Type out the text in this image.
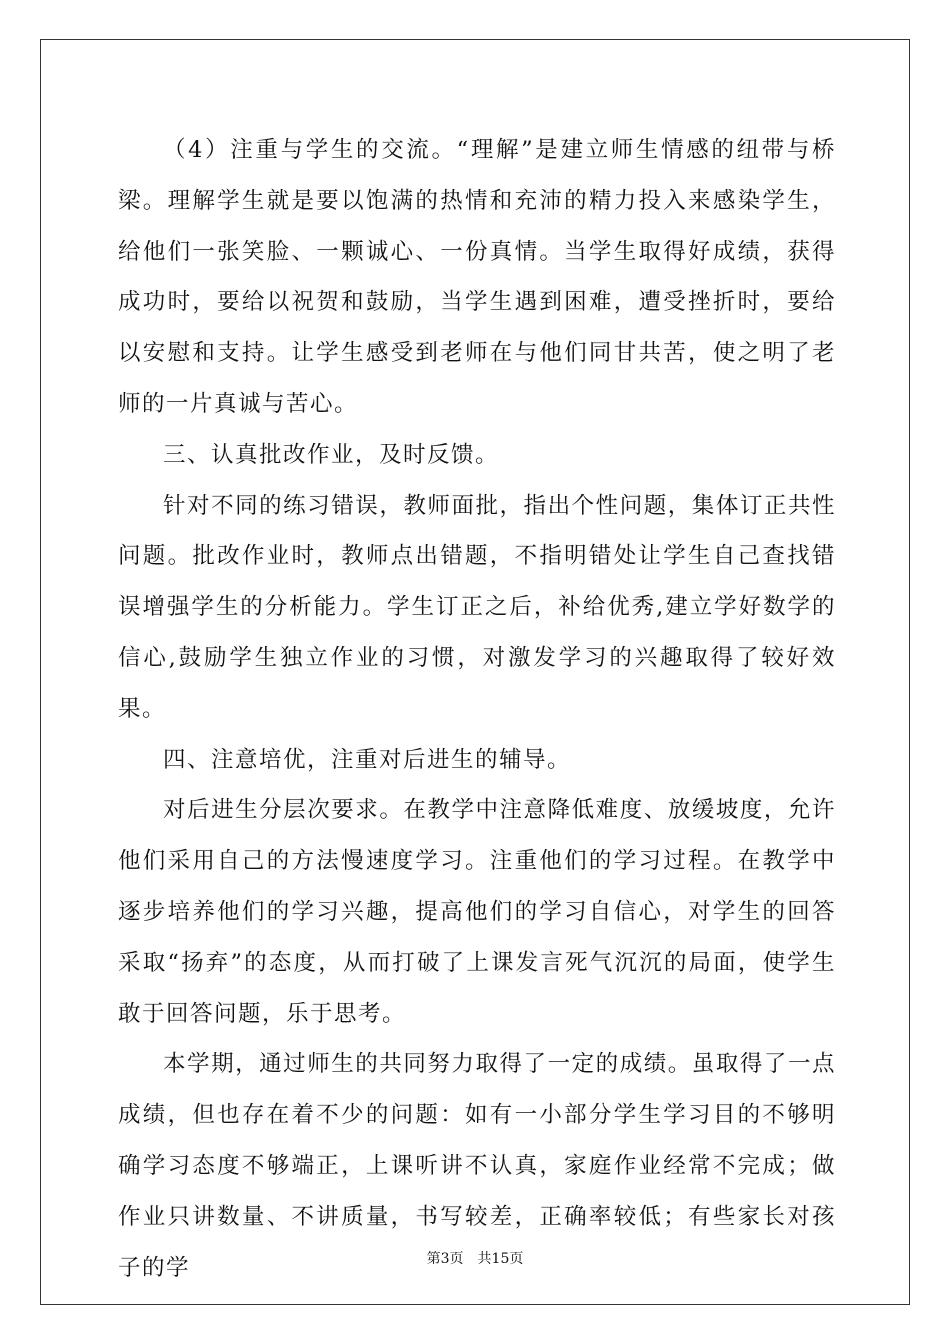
（4）注重与学生的交流。“理解”是建立师生情感的纽带与桥梁。理解学生就是要以饱满的热情和充沛的精力投入来感染学生，给他们一张笑脸、一颗诚心、一份真情。当学生取得好成绩，获得成功时，要给以祝贺和鼓励，当学生遇到困难，遭受挫折时，要给以安慰和支持。让学生感受到老师在与他们同甘共苦，使之明了老师的一片真诚与苦心。

三、认真批改作业，及时反馈。

针对不同的练习错误，教师面批，指出个性问题，集体订正共性问题。批改作业时，教师点出错题，不指明错处让学生自己查找错误增强学生的分析能力。学生订正之后，补给优秀,建立学好数学的信心,鼓励学生独立作业的习惯，对激发学习的兴趣取得了较好效果。

四、注意培优，注重对后进生的辅导。

对后进生分层次要求。在教学中注意降低难度、放缓坡度，允许他们采用自己的方法慢速度学习。注重他们的学习过程。在教学中逐步培养他们的学习兴趣，提高他们的学习自信心，对学生的回答采取“扬弃”的态度，从而打破了上课发言死气沉沉的局面，使学生敢于回答问题，乐于思考。

本学期，通过师生的共同努力取得了一定的成绩。虽取得了一点成绩，但也存在着不少的问题：如有一小部分学生学习目的不够明确学习态度不够端正，上课听讲不认真，家庭作业经常不完成；做作业只讲数量、不讲质量，书写较差，正确率较低；有些家长对孩子的学	第3页 共15页
